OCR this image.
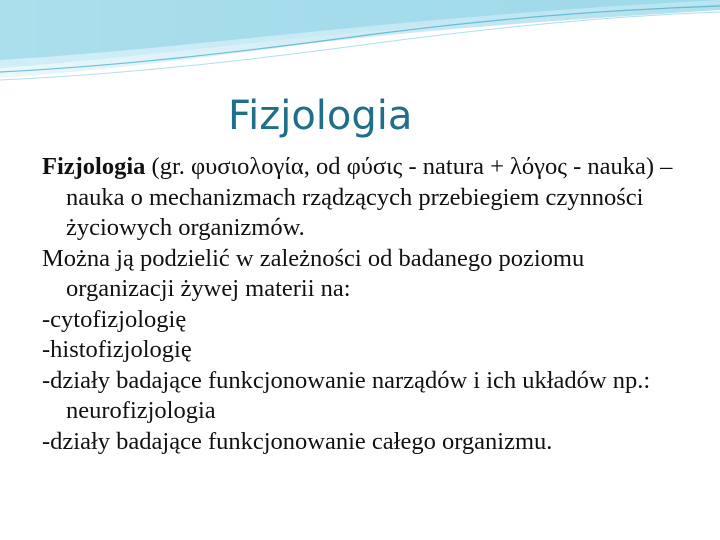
Fizjologia

Fizjologia (gr. φυσιολογία, od φύσις - natura + λόγος - nauka) – nauka o mechanizmach rządzących przebiegiem czynności życiowych organizmów.

Można ją podzielić w zależności od badanego poziomu organizacji żywej materii na:

-cytofizjologię

-histofizjologię

-działy badające funkcjonowanie narządów i ich układów np.: neurofizjologia

-działy badające funkcjonowanie całego organizmu.
